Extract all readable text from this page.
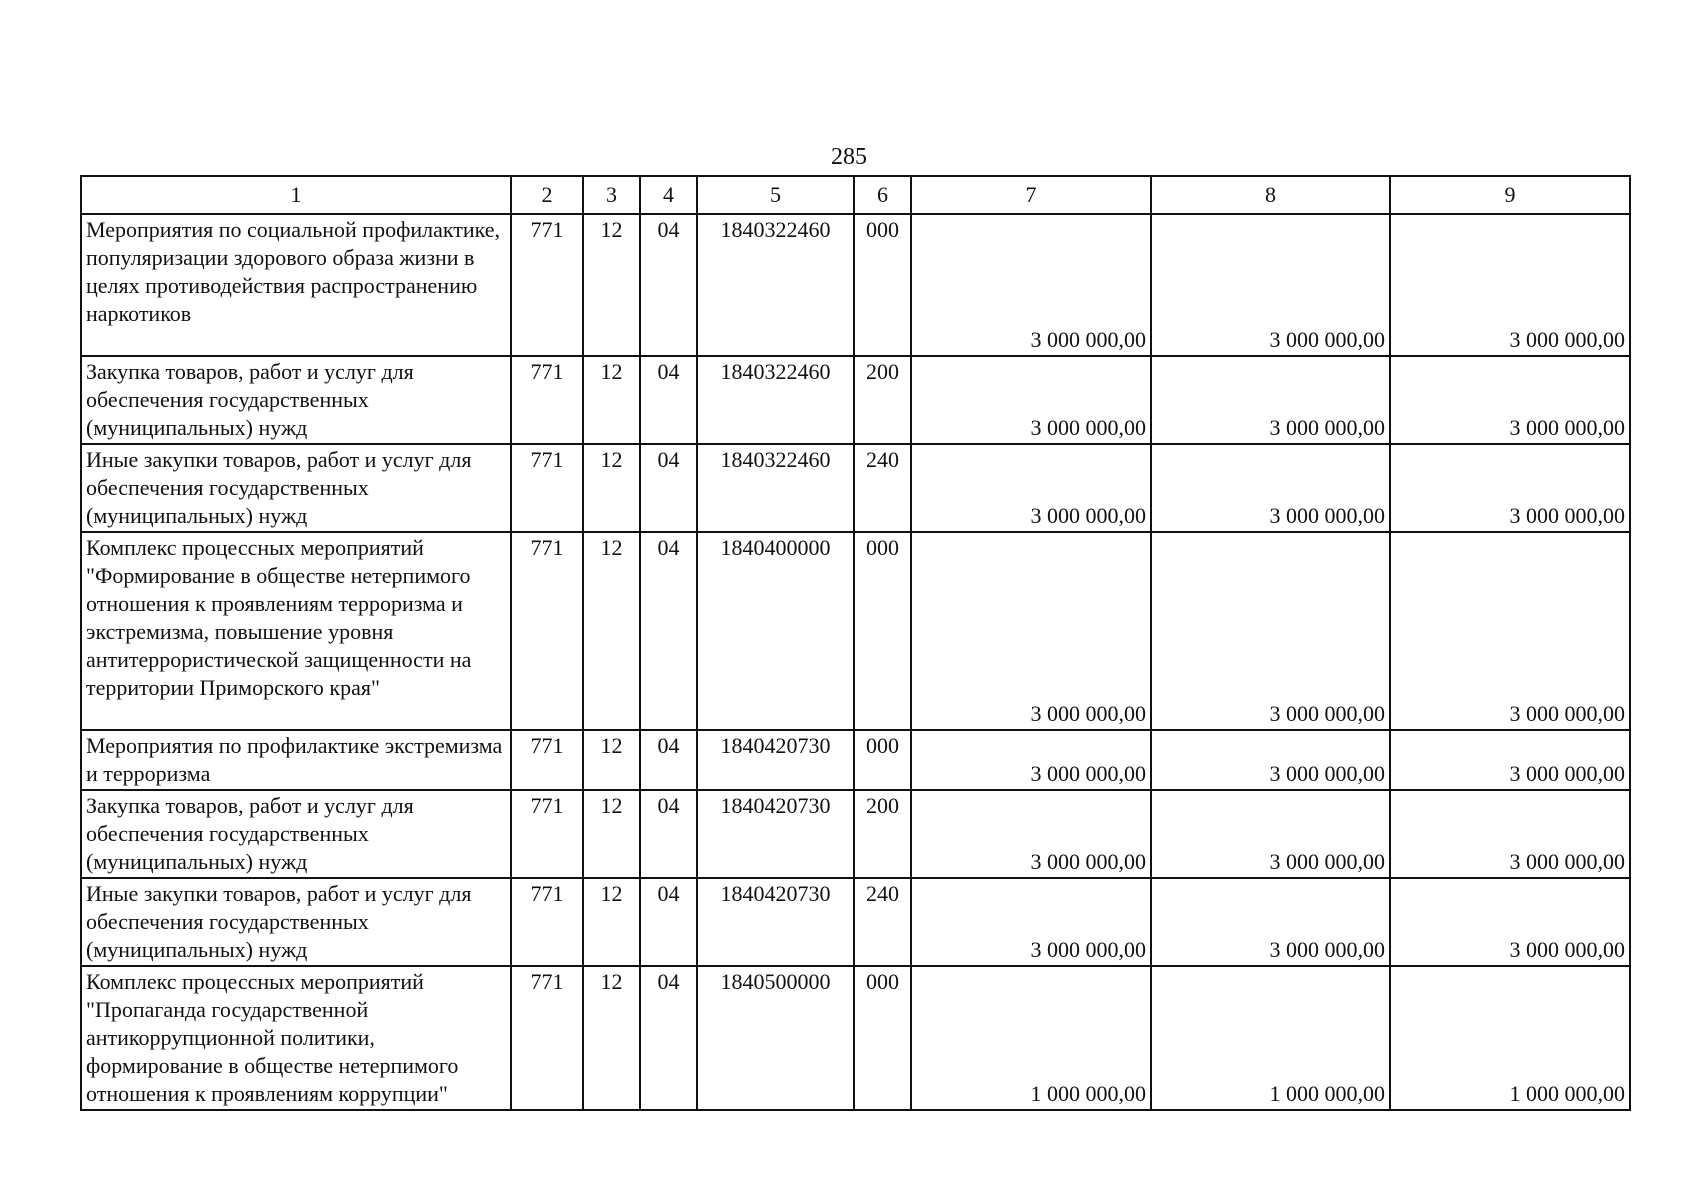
285
1	2	3	4	5	6	7	8	9
Мероприятия по социальной профилактике, популяризации здорового образа жизни в целях противодействия распространению наркотиков	771	12	04	1840322460	000	3 000 000,00	3 000 000,00	3 000 000,00
Закупка товаров, работ и услуг для обеспечения государственных (муниципальных) нужд	771	12	04	1840322460	200	3 000 000,00	3 000 000,00	3 000 000,00
Иные закупки товаров, работ и услуг для обеспечения государственных (муниципальных) нужд	771	12	04	1840322460	240	3 000 000,00	3 000 000,00	3 000 000,00
Комплекс процессных мероприятий "Формирование в обществе нетерпимого отношения к проявлениям терроризма и экстремизма, повышение уровня антитеррористической защищенности на территории Приморского края"	771	12	04	1840400000	000	3 000 000,00	3 000 000,00	3 000 000,00
Мероприятия по профилактике экстремизма и терроризма	771	12	04	1840420730	000	3 000 000,00	3 000 000,00	3 000 000,00
Закупка товаров, работ и услуг для обеспечения государственных (муниципальных) нужд	771	12	04	1840420730	200	3 000 000,00	3 000 000,00	3 000 000,00
Иные закупки товаров, работ и услуг для обеспечения государственных (муниципальных) нужд	771	12	04	1840420730	240	3 000 000,00	3 000 000,00	3 000 000,00
Комплекс процессных мероприятий "Пропаганда государственной антикоррупционной политики, формирование в обществе нетерпимого отношения к проявлениям коррупции"	771	12	04	1840500000	000	1 000 000,00	1 000 000,00	1 000 000,00
